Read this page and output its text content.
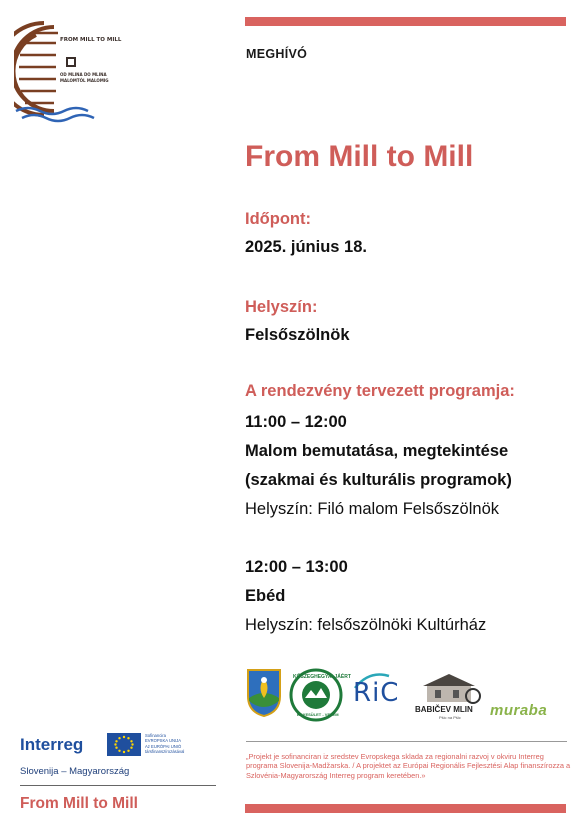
FROM MILL TO MILL
OD MLINA DO MLINA
MALOMTÓL MALOMIG
MEGHÍVÓ
From Mill to Mill
Időpont:
2025. június 18.
Helyszín:
Felsőszölnök
A rendezvény tervezett programja:
11:00 – 12:00
Malom bemutatása, megtekintése
(szakmai és kulturális programok)
Helyszín: Filó malom Felsőszölnök
12:00 – 13:00
Ebéd
Helyszín: felsőszölnöki Kultúrház
KŐSZEGHEGYALJÁÉRT
EGYESÜLET - VELEM
RiC
BABIČEV MLIN
Pšic na Pšic muraba
Interreg	Sofinancira
EVROPSKA UNIJA
Az EURÓPAI UNIÓ
társfinanszírozásával
Slovenija – Magyarország
From Mill to Mill
„Projekt je sofinanciran iz sredstev Evropskega sklada za regionalni razvoj v okviru Interreg programa Slovenija-Madžarska. / A projektet az Európai Regionális Fejlesztési Alap finanszírozza a Szlovénia-Magyarország Interreg program keretében.»
